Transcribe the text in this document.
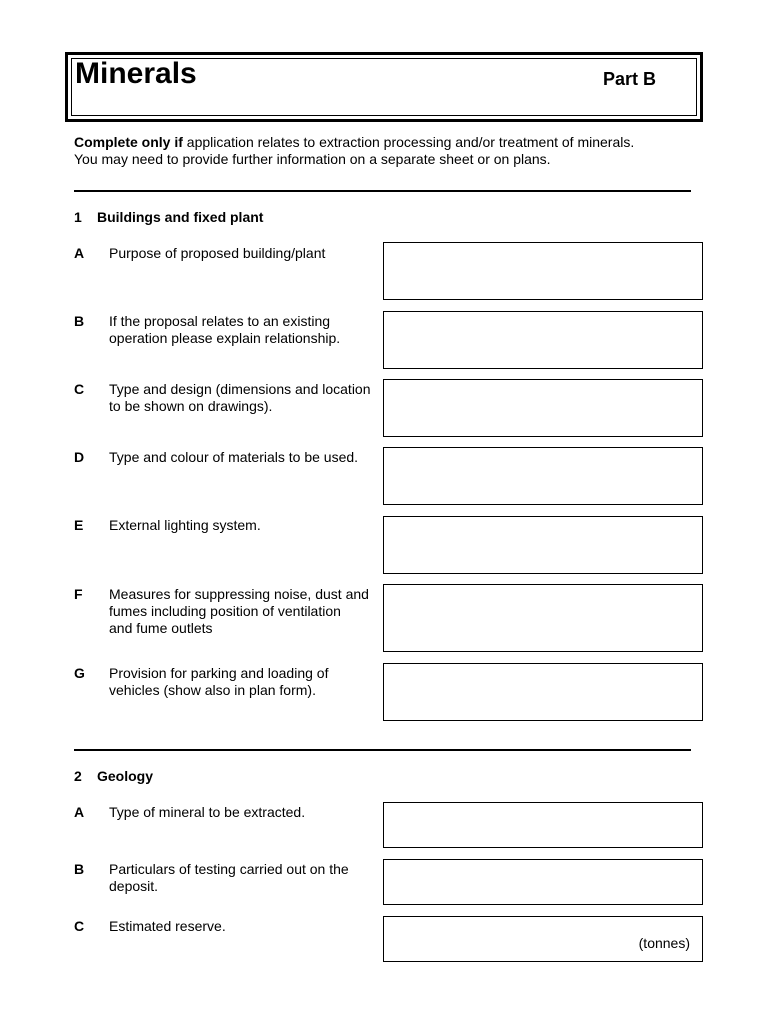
Minerals	Part B
Complete only if application relates to extraction processing and/or treatment of minerals.
You may need to provide further information on a separate sheet or on plans.
1 Buildings and fixed plant
A Purpose of proposed building/plant
B If the proposal relates to an existing operation please explain relationship.
C Type and design (dimensions and location to be shown on drawings).
D Type and colour of materials to be used.
E External lighting system.
F Measures for suppressing noise, dust and fumes including position of ventilation
and fume outlets
G Provision for parking and loading of vehicles (show also in plan form).
2 Geology
A Type of mineral to be extracted.
B Particulars of testing carried out on the deposit.
C Estimated reserve.
(tonnes)
